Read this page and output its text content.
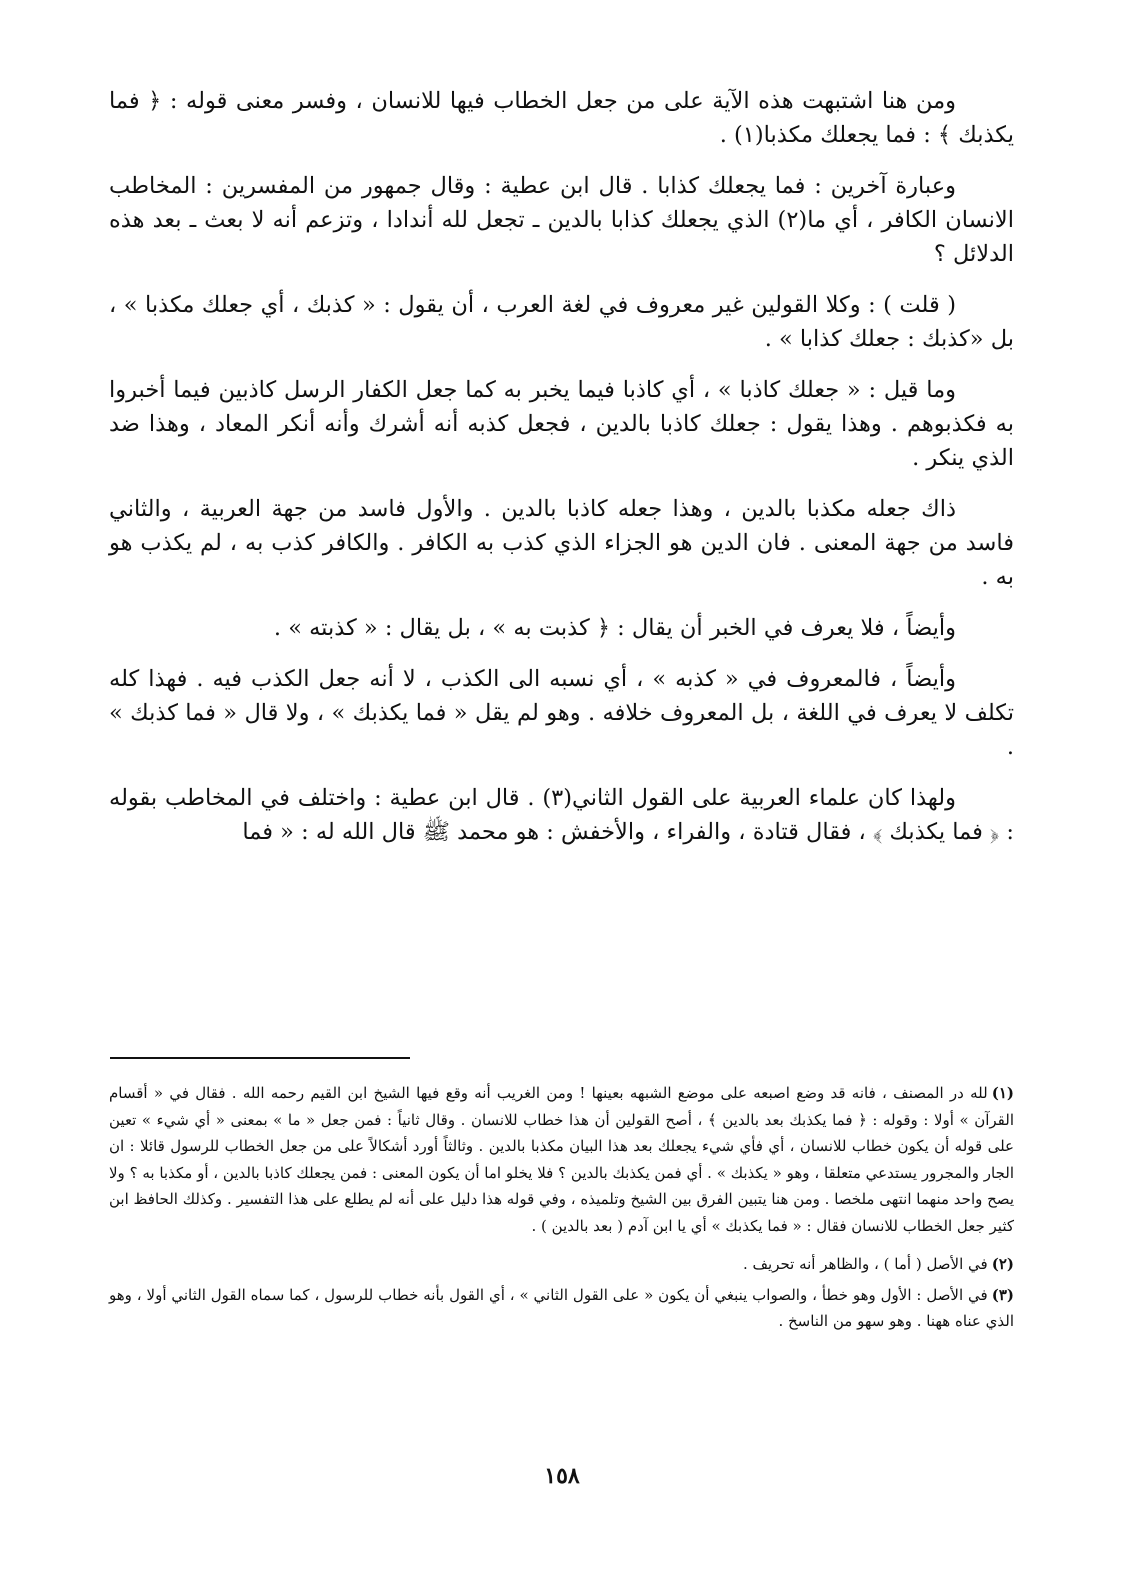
ومن هنا اشتبهت هذه الآية على من جعل الخطاب فيها للانسان ، وفسر معنى قوله : ﴿ فما يكذبك ﴾ : فما يجعلك مكذبا(١) .

وعبارة آخرين : فما يجعلك كذابا . قال ابن عطية : وقال جمهور من المفسرين : المخاطب الانسان الكافر ، أي ما(٢) الذي يجعلك كذابا بالدين ـ تجعل لله أندادا ، وتزعم أنه لا بعث ـ بعد هذه الدلائل ؟

( قلت ) : وكلا القولين غير معروف في لغة العرب ، أن يقول : « كذبك ، أي جعلك مكذبا » ، بل «كذبك : جعلك كذابا » .

وما قيل : « جعلك كاذبا » ، أي كاذبا فيما يخبر به كما جعل الكفار الرسل كاذبين فيما أخبروا به فكذبوهم . وهذا يقول : جعلك كاذبا بالدين ، فجعل كذبه أنه أشرك وأنه أنكر المعاد ، وهذا ضد الذي ينكر .

ذاك جعله مكذبا بالدين ، وهذا جعله كاذبا بالدين . والأول فاسد من جهة العربية ، والثاني فاسد من جهة المعنى . فان الدين هو الجزاء الذي كذب به الكافر . والكافر كذب به ، لم يكذب هو به .

وأيضاً ، فلا يعرف في الخبر أن يقال : ﴿ كذبت به » ، بل يقال : « كذبته » .

وأيضاً ، فالمعروف في « كذبه » ، أي نسبه الى الكذب ، لا أنه جعل الكذب فيه . فهذا كله تكلف لا يعرف في اللغة ، بل المعروف خلافه . وهو لم يقل « فما يكذبك » ، ولا قال « فما كذبك » .

ولهذا كان علماء العربية على القول الثاني(٣) . قال ابن عطية : واختلف في المخاطب بقوله : ﴿ فما يكذبك ﴾ ، فقال قتادة ، والفراء ، والأخفش : هو محمد ﷺ قال الله له : « فما

(١)لله در المصنف ، فانه قد وضع اصبعه على موضع الشبهه بعينها ! ومن الغريب أنه وقع فيها الشيخ ابن القيم رحمه الله . فقال في « أقسام القرآن » أولا : وقوله : ﴿ فما يكذبك بعد بالدين ﴾ ، أصح القولين أن هذا خطاب للانسان . وقال ثانياً : فمن جعل « ما » بمعنى « أي شيء » تعين على قوله أن يكون خطاب للانسان ، أي فأي شيء يجعلك بعد هذا البيان مكذبا بالدين . وثالثاً أورد أشكالاً على من جعل الخطاب للرسول قائلا : ان الجار والمجرور يستدعي متعلقا ، وهو « يكذبك » . أي فمن يكذبك بالدين ؟ فلا يخلو اما أن يكون المعنى : فمن يجعلك كاذبا بالدين ، أو مكذبا به ؟ ولا يصح واحد منهما انتهى ملخصا . ومن هنا يتبين الفرق بين الشيخ وتلميذه ، وفي قوله هذا دليل على أنه لم يطلع على هذا التفسير . وكذلك الحافظ ابن كثير جعل الخطاب للانسان فقال : « فما يكذبك » أي يا ابن آدم ( بعد بالدين ) .

(٢)في الأصل ( أما ) ، والظاهر أنه تحريف .

(٣)في الأصل : الأول وهو خطأ ، والصواب ينبغي أن يكون « على القول الثاني » ، أي القول بأنه خطاب للرسول ، كما سماه القول الثاني أولا ، وهو الذي عناه ههنا . وهو سهو من الناسخ .

١٥٨
